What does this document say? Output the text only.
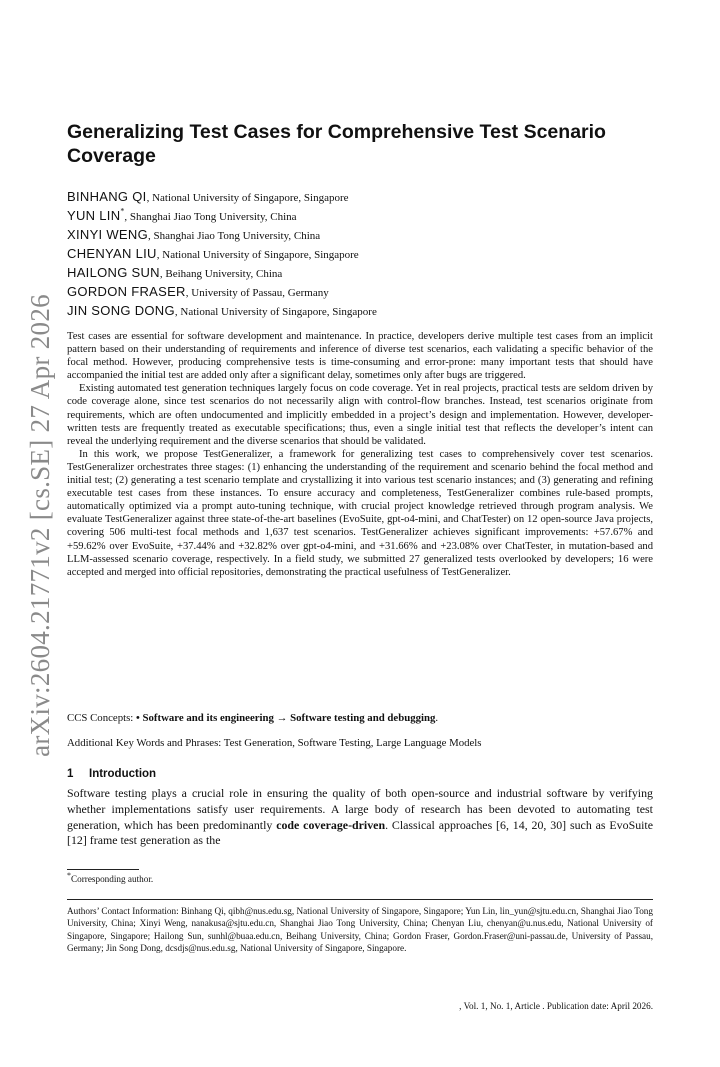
arXiv:2604.21771v2 [cs.SE] 27 Apr 2026
Generalizing Test Cases for Comprehensive Test Scenario Coverage
BINHANG QI, National University of Singapore, Singapore
YUN LIN*, Shanghai Jiao Tong University, China
XINYI WENG, Shanghai Jiao Tong University, China
CHENYAN LIU, National University of Singapore, Singapore
HAILONG SUN, Beihang University, China
GORDON FRASER, University of Passau, Germany
JIN SONG DONG, National University of Singapore, Singapore

Test cases are essential for software development and maintenance. In practice, developers derive multiple test cases from an implicit pattern based on their understanding of requirements and inference of diverse test scenarios, each validating a specific behavior of the focal method. However, producing comprehensive tests is time-consuming and error-prone: many important tests that should have accompanied the initial test are added only after a significant delay, sometimes only after bugs are triggered.

Existing automated test generation techniques largely focus on code coverage. Yet in real projects, practical tests are seldom driven by code coverage alone, since test scenarios do not necessarily align with control-flow branches. Instead, test scenarios originate from requirements, which are often undocumented and implicitly embedded in a project’s design and implementation. However, developer-written tests are frequently treated as executable specifications; thus, even a single initial test that reflects the developer’s intent can reveal the underlying requirement and the diverse scenarios that should be validated.

In this work, we propose TestGeneralizer, a framework for generalizing test cases to comprehensively cover test scenarios. TestGeneralizer orchestrates three stages: (1) enhancing the understanding of the requirement and scenario behind the focal method and initial test; (2) generating a test scenario template and crystallizing it into various test scenario instances; and (3) generating and refining executable test cases from these instances. To ensure accuracy and completeness, TestGeneralizer combines rule-based prompts, automatically optimized via a prompt auto-tuning technique, with crucial project knowledge retrieved through program analysis. We evaluate TestGeneralizer against three state-of-the-art baselines (EvoSuite, gpt-o4-mini, and ChatTester) on 12 open-source Java projects, covering 506 multi-test focal methods and 1,637 test scenarios. TestGeneralizer achieves significant improvements: +57.67% and +59.62% over EvoSuite, +37.44% and +32.82% over gpt-o4-mini, and +31.66% and +23.08% over ChatTester, in mutation-based and LLM-assessed scenario coverage, respectively. In a field study, we submitted 27 generalized tests overlooked by developers; 16 were accepted and merged into official repositories, demonstrating the practical usefulness of TestGeneralizer.

CCS Concepts: • Software and its engineering → Software testing and debugging.
Additional Key Words and Phrases: Test Generation, Software Testing, Large Language Models
1 Introduction

Software testing plays a crucial role in ensuring the quality of both open-source and industrial software by verifying whether implementations satisfy user requirements. A large body of research has been devoted to automating test generation, which has been predominantly code coverage-driven. Classical approaches [6, 14, 20, 30] such as EvoSuite [12] frame test generation as the

*Corresponding author.

Authors’ Contact Information: Binhang Qi, qibh@nus.edu.sg, National University of Singapore, Singapore; Yun Lin, lin_yun@sjtu.edu.cn, Shanghai Jiao Tong University, China; Xinyi Weng, nanakusa@sjtu.edu.cn, Shanghai Jiao Tong University, China; Chenyan Liu, chenyan@u.nus.edu, National University of Singapore, Singapore; Hailong Sun, sunhl@buaa.edu.cn, Beihang University, China; Gordon Fraser, Gordon.Fraser@uni-passau.de, University of Passau, Germany; Jin Song Dong, dcsdjs@nus.edu.sg, National University of Singapore, Singapore.

, Vol. 1, No. 1, Article . Publication date: April 2026.
